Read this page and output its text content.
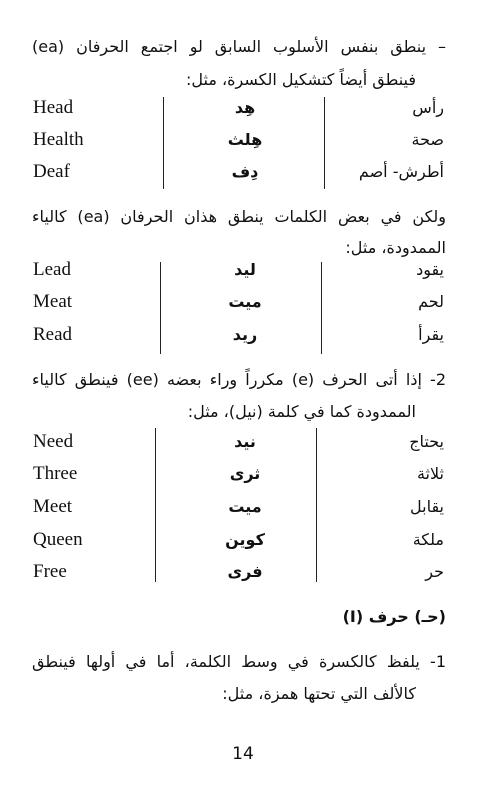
– ينطق بنفس الأسلوب السابق لو اجتمع الحرفان (ea)
فينطق أيضاً كتشكيل الكسرة، مثل:
Head	هِد	رأس
Health	هِلث	صحة
Deaf	دِف	أطرش- أصم
ولكن في بعض الكلمات ينطق هذان الحرفان (ea) كالياء
الممدودة، مثل:
Lead	ليد	يقود
Meat	ميت	لحم
Read	ريد	يقرأ
2- إذا أتى الحرف (e) مكرراً وراء بعضه (ee) فينطق كالياء
الممدودة كما في كلمة (نيل)، مثل:
Need	نيد	يحتاج
Three	ثرى	ثلاثة
Meet	ميت	يقابل
Queen	كوين	ملكة
Free	فرى	حر
(حـ) حرف (I)
1- يلفظ كالكسرة في وسط الكلمة، أما في أولها فينطق
كالألف التي تحتها همزة، مثل:
14
